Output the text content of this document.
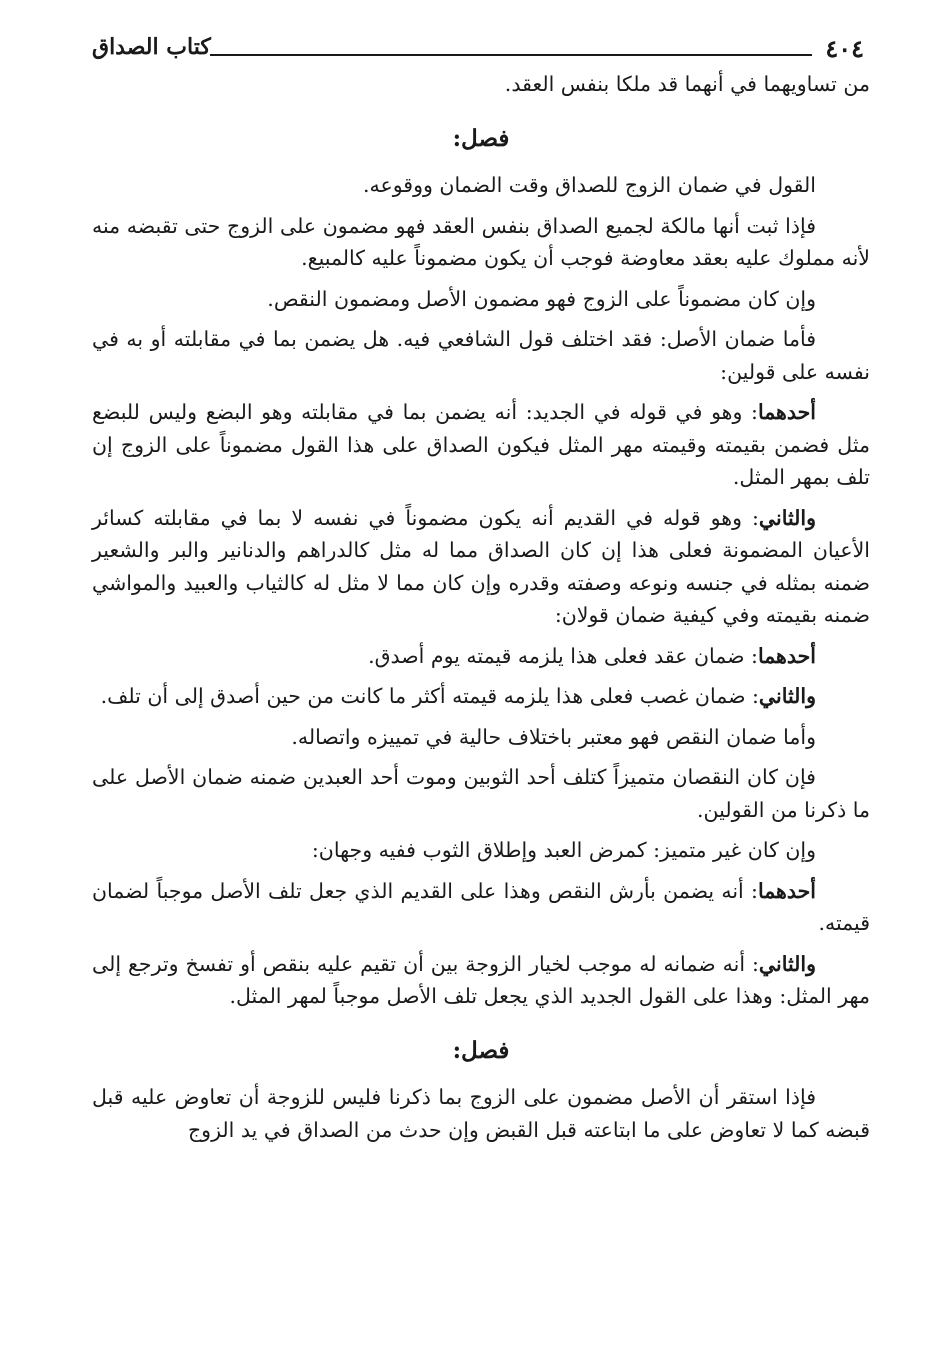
٤٠٤
كتاب الصداق

من تساويهما في أنهما قد ملكا بنفس العقد.

فصل:

القول في ضمان الزوج للصداق وقت الضمان ووقوعه.

فإذا ثبت أنها مالكة لجميع الصداق بنفس العقد فهو مضمون على الزوج حتى تقبضه منه لأنه مملوك عليه بعقد معاوضة فوجب أن يكون مضموناً عليه كالمبيع.

وإن كان مضموناً على الزوج فهو مضمون الأصل ومضمون النقص.

فأما ضمان الأصل: فقد اختلف قول الشافعي فيه. هل يضمن بما في مقابلته أو به في نفسه على قولين:

أحدهما: وهو في قوله في الجديد: أنه يضمن بما في مقابلته وهو البضع وليس للبضع مثل فضمن بقيمته وقيمته مهر المثل فيكون الصداق على هذا القول مضموناً على الزوج إن تلف بمهر المثل.

والثاني: وهو قوله في القديم أنه يكون مضموناً في نفسه لا بما في مقابلته كسائر الأعيان المضمونة فعلى هذا إن كان الصداق مما له مثل كالدراهم والدنانير والبر والشعير ضمنه بمثله في جنسه ونوعه وصفته وقدره وإن كان مما لا مثل له كالثياب والعبيد والمواشي ضمنه بقيمته وفي كيفية ضمان قولان:

أحدهما: ضمان عقد فعلى هذا يلزمه قيمته يوم أصدق.

والثاني: ضمان غصب فعلى هذا يلزمه قيمته أكثر ما كانت من حين أصدق إلى أن تلف.

وأما ضمان النقص فهو معتبر باختلاف حالية في تمييزه واتصاله.

فإن كان النقصان متميزاً كتلف أحد الثوبين وموت أحد العبدين ضمنه ضمان الأصل على ما ذكرنا من القولين.

وإن كان غير متميز: كمرض العبد وإطلاق الثوب ففيه وجهان:

أحدهما: أنه يضمن بأرش النقص وهذا على القديم الذي جعل تلف الأصل موجباً لضمان قيمته.

والثاني: أنه ضمانه له موجب لخيار الزوجة بين أن تقيم عليه بنقص أو تفسخ وترجع إلى مهر المثل: وهذا على القول الجديد الذي يجعل تلف الأصل موجباً لمهر المثل.

فصل:

فإذا استقر أن الأصل مضمون على الزوج بما ذكرنا فليس للزوجة أن تعاوض عليه قبل قبضه كما لا تعاوض على ما ابتاعته قبل القبض وإن حدث من الصداق في يد الزوج
